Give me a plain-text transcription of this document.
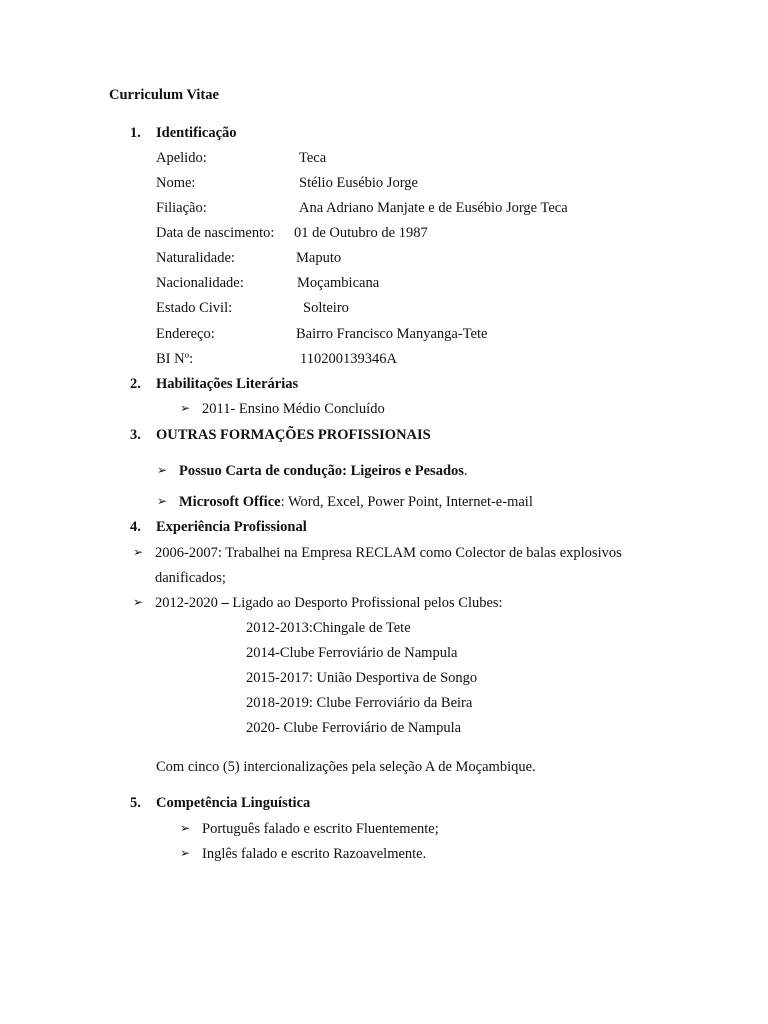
Curriculum Vitae
1. Identificação
Apelido:	Teca
Nome:	Stélio Eusébio Jorge
Filiação:	Ana Adriano Manjate e de Eusébio Jorge Teca
Data de nascimento: 01 de Outubro de 1987
Naturalidade:	Maputo
Nacionalidade:	Moçambicana
Estado Civil:	Solteiro
Endereço:	Bairro Francisco Manyanga-Tete
BI Nº:	110200139346A
2. Habilitações Literárias
➢ 2011- Ensino Médio Concluído
3. OUTRAS FORMAÇÕES PROFISSIONAIS
➢ Possuo Carta de condução: Ligeiros e Pesados.
➢ Microsoft Office: Word, Excel, Power Point, Internet-e-mail
4. Experiência Profissional
➢ 2006-2007: Trabalhei na Empresa RECLAM como Colector de balas explosivos
danificados;
➢ 2012-2020 – Ligado ao Desporto Profissional pelos Clubes:
2012-2013:Chingale de Tete
2014-Clube Ferroviário de Nampula
2015-2017: União Desportiva de Songo
2018-2019: Clube Ferroviário da Beira
2020- Clube Ferroviário de Nampula
Com cinco (5) intercionalizações pela seleção A de Moçambique.
5. Competência Linguística
➢ Português falado e escrito Fluentemente;
➢ Inglês falado e escrito Razoavelmente.
